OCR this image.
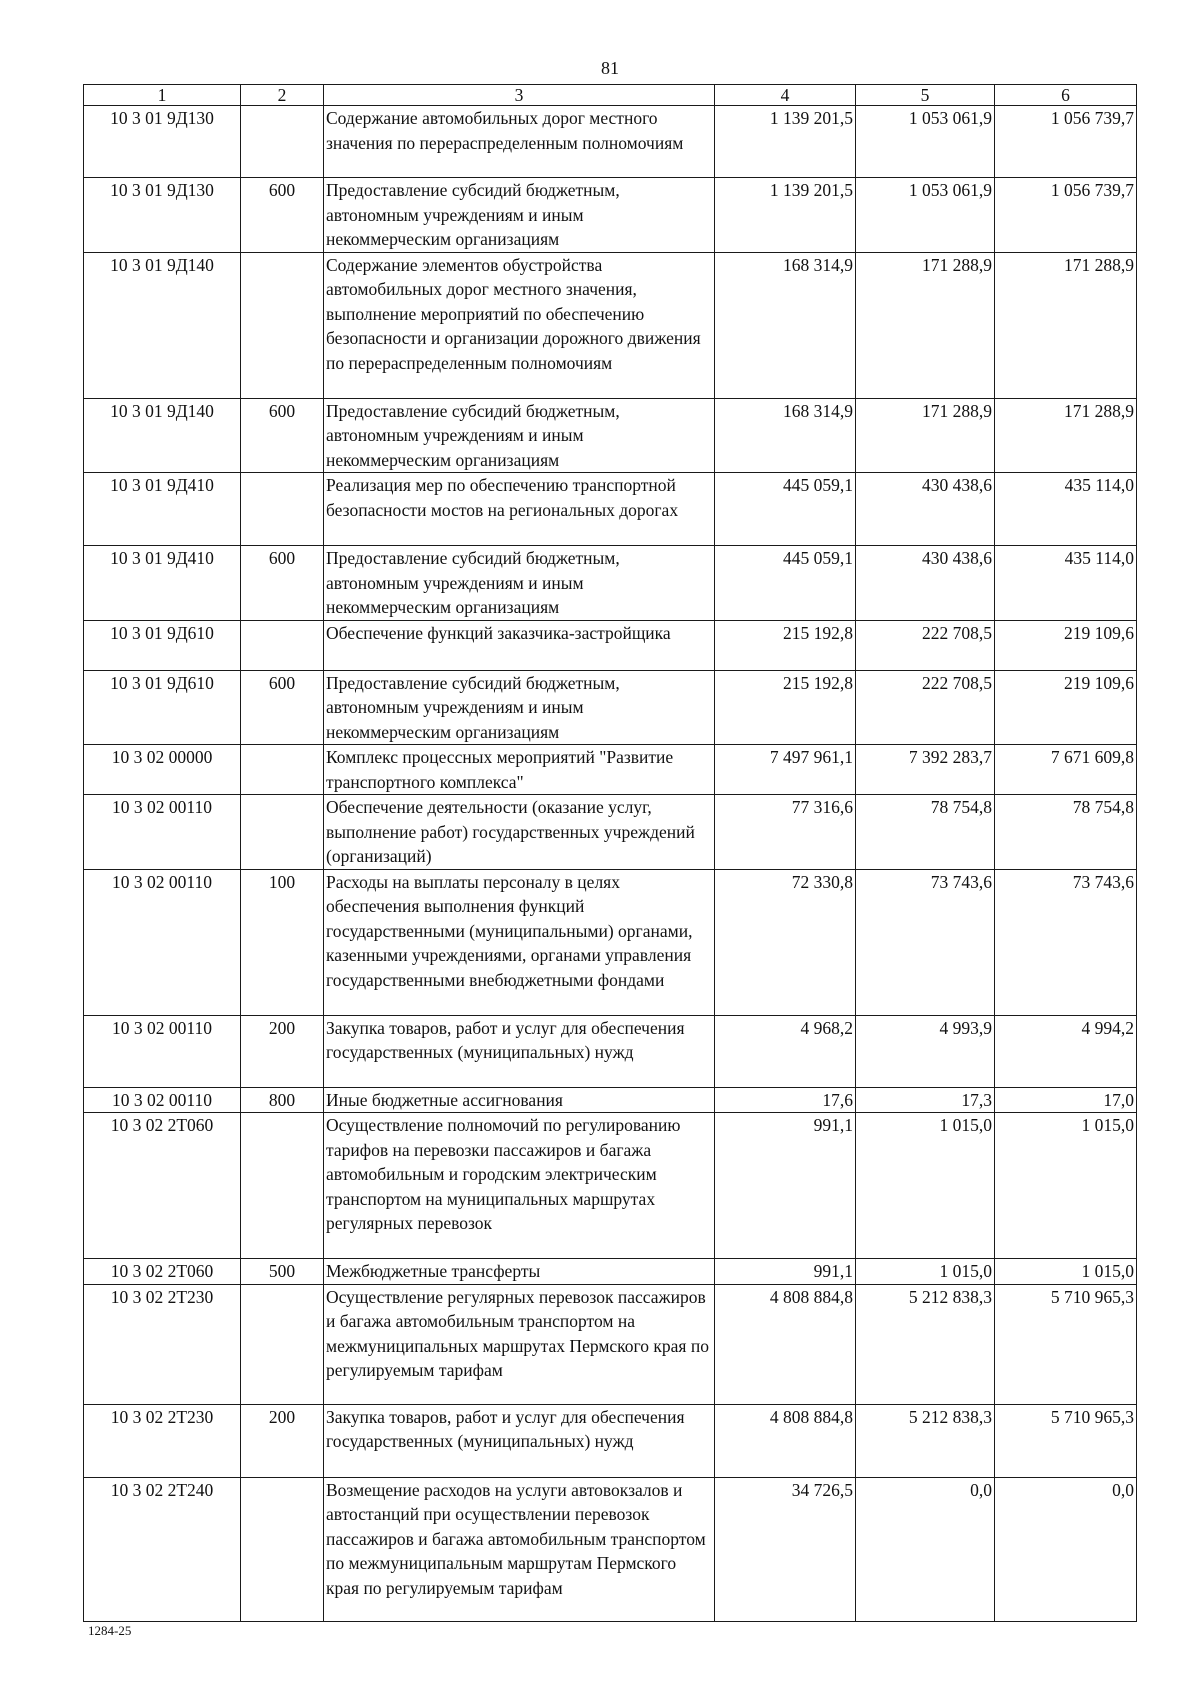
81
1	2	3	4	5	6
10 3 01 9Д130		Содержание автомобильных дорог местного значения по перераспределенным полномочиям	1 139 201,5	1 053 061,9	1 056 739,7
10 3 01 9Д130	600	Предоставление субсидий бюджетным, автономным учреждениям и иным некоммерческим организациям	1 139 201,5	1 053 061,9	1 056 739,7
10 3 01 9Д140		Содержание элементов обустройства автомобильных дорог местного значения, выполнение мероприятий по обеспечению безопасности и организации дорожного движения по перераспределенным полномочиям	168 314,9	171 288,9	171 288,9
10 3 01 9Д140	600	Предоставление субсидий бюджетным, автономным учреждениям и иным некоммерческим организациям	168 314,9	171 288,9	171 288,9
10 3 01 9Д410		Реализация мер по обеспечению транспортной безопасности мостов на региональных дорогах	445 059,1	430 438,6	435 114,0
10 3 01 9Д410	600	Предоставление субсидий бюджетным, автономным учреждениям и иным некоммерческим организациям	445 059,1	430 438,6	435 114,0
10 3 01 9Д610		Обеспечение функций заказчика-застройщика	215 192,8	222 708,5	219 109,6
10 3 01 9Д610	600	Предоставление субсидий бюджетным, автономным учреждениям и иным некоммерческим организациям	215 192,8	222 708,5	219 109,6
10 3 02 00000		Комплекс процессных мероприятий "Развитие транспортного комплекса"	7 497 961,1	7 392 283,7	7 671 609,8
10 3 02 00110		Обеспечение деятельности (оказание услуг, выполнение работ) государственных учреждений (организаций)	77 316,6	78 754,8	78 754,8
10 3 02 00110	100	Расходы на выплаты персоналу в целях обеспечения выполнения функций государственными (муниципальными) органами, казенными учреждениями, органами управления государственными внебюджетными фондами	72 330,8	73 743,6	73 743,6
10 3 02 00110	200	Закупка товаров, работ и услуг для обеспечения государственных (муниципальных) нужд	4 968,2	4 993,9	4 994,2
10 3 02 00110	800	Иные бюджетные ассигнования	17,6	17,3	17,0
10 3 02 2Т060		Осуществление полномочий по регулированию тарифов на перевозки пассажиров и багажа автомобильным и городским электрическим транспортом на муниципальных маршрутах регулярных перевозок	991,1	1 015,0	1 015,0
10 3 02 2Т060	500	Межбюджетные трансферты	991,1	1 015,0	1 015,0
10 3 02 2Т230		Осуществление регулярных перевозок пассажиров и багажа автомобильным транспортом на межмуниципальных маршрутах Пермского края по регулируемым тарифам	4 808 884,8	5 212 838,3	5 710 965,3
10 3 02 2Т230	200	Закупка товаров, работ и услуг для обеспечения государственных (муниципальных) нужд	4 808 884,8	5 212 838,3	5 710 965,3
10 3 02 2Т240		Возмещение расходов на услуги автовокзалов и автостанций при осуществлении перевозок пассажиров и багажа автомобильным транспортом по межмуниципальным маршрутам Пермского края по регулируемым тарифам	34 726,5	0,0	0,0
1284-25
